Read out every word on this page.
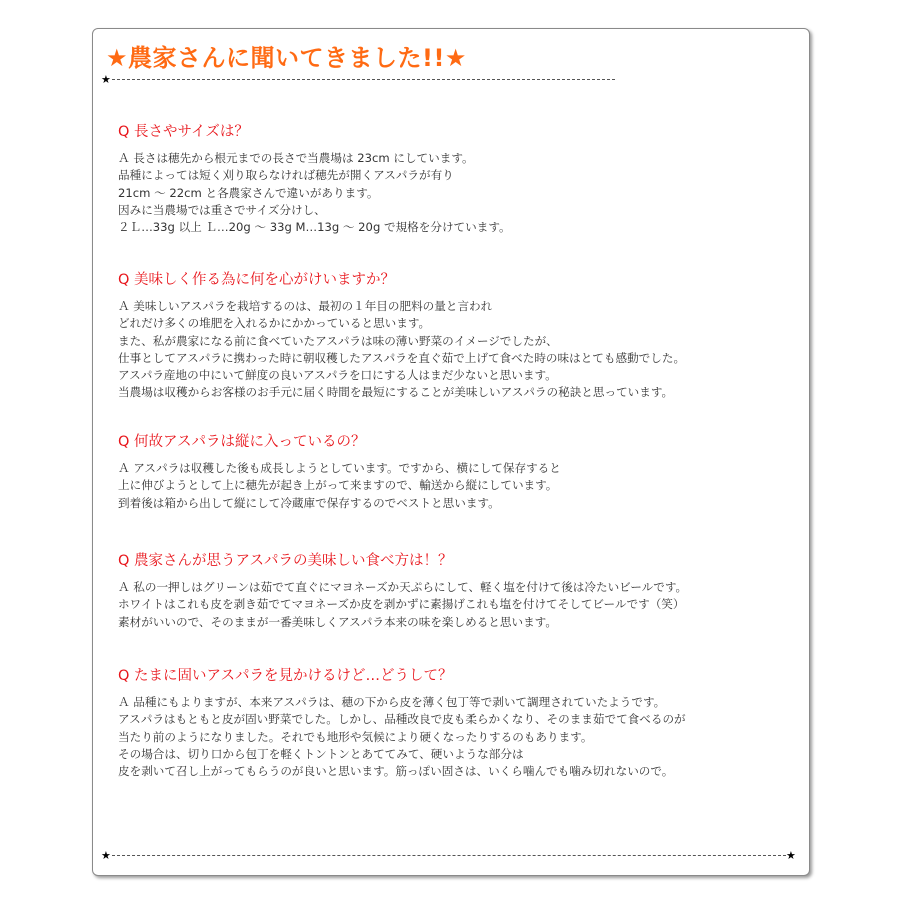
★農家さんに聞いてきました!!★
★
Q 長さやサイズは？
Ａ 長さは穂先から根元までの長さで当農場は 23cm にしています。
品種によっては短く刈り取らなければ穂先が開くアスパラが有り
21cm ～ 22cm と各農家さんで違いがあります。
因みに当農場では重さでサイズ分けし、
２Ｌ…33g 以上 Ｌ…20g ～ 33g M…13g ～ 20g で規格を分けています。
Q 美味しく作る為に何を心がけいますか？
Ａ 美味しいアスパラを栽培するのは、最初の１年目の肥料の量と言われ
どれだけ多くの堆肥を入れるかにかかっていると思います。
また、私が農家になる前に食べていたアスパラは味の薄い野菜のイメージでしたが、
仕事としてアスパラに携わった時に朝収穫したアスパラを直ぐ茹で上げて食べた時の味はとても感動でした。
アスパラ産地の中にいて鮮度の良いアスパラを口にする人はまだ少ないと思います。
当農場は収穫からお客様のお手元に届く時間を最短にすることが美味しいアスパラの秘訣と思っています。
Q 何故アスパラは縦に入っているの？
Ａ アスパラは収穫した後も成長しようとしています。ですから、横にして保存すると
上に伸びようとして上に穂先が起き上がって来ますので、輸送から縦にしています。
到着後は箱から出して縦にして冷蔵庫で保存するのでベストと思います。
Q 農家さんが思うアスパラの美味しい食べ方は！？
Ａ 私の一押しはグリーンは茹でて直ぐにマヨネーズか天ぷらにして、軽く塩を付けて後は冷たいビールです。
ホワイトはこれも皮を剥き茹でてマヨネーズか皮を剥かずに素揚げこれも塩を付けてそしてビールです（笑）
素材がいいので、そのままが一番美味しくアスパラ本来の味を楽しめると思います。
Q たまに固いアスパラを見かけるけど…どうして？
Ａ 品種にもよりますが、本来アスパラは、穂の下から皮を薄く包丁等で剥いて調理されていたようです。
アスパラはもともと皮が固い野菜でした。しかし、品種改良で皮も柔らかくなり、そのまま茹でて食べるのが
当たり前のようになりました。それでも地形や気候により硬くなったりするのもあります。
その場合は、切り口から包丁を軽くトントンとあててみて、硬いような部分は
皮を剥いて召し上がってもらうのが良いと思います。筋っぽい固さは、いくら噛んでも噛み切れないので。
★	★
